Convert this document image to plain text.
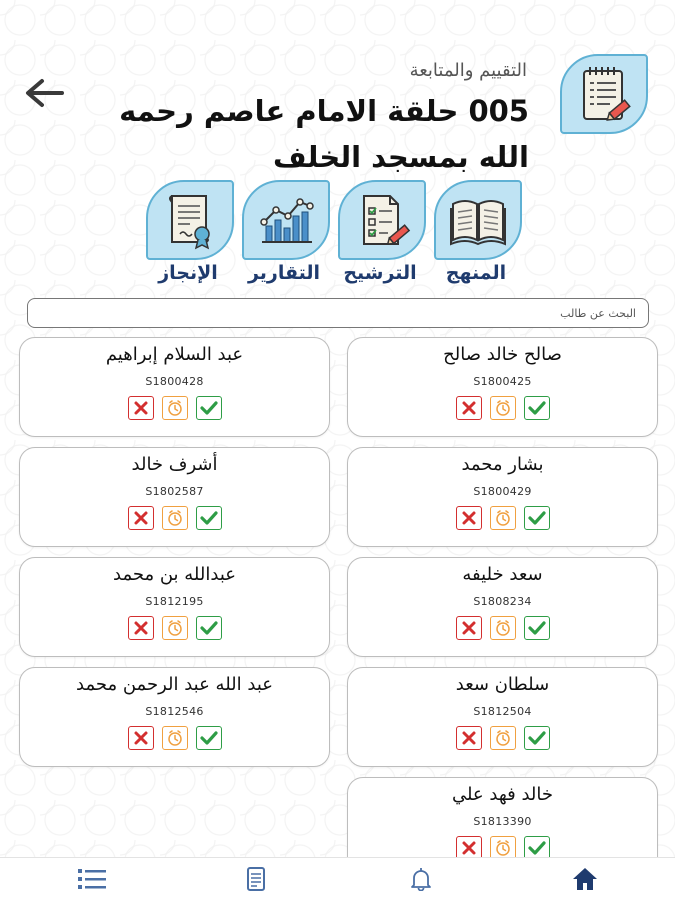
التقييم والمتابعة
005 حلقة الامام عاصم رحمه الله بمسجد الخلف
المنهج
الترشيح
التقارير
الإنجاز
البحث عن طالب
صالح خالد صالح
S1800425
عبد السلام إبراهيم
S1800428
بشار محمد
S1800429
أشرف خالد
S1802587
سعد خليفه
S1808234
عبدالله بن محمد
S1812195
سلطان سعد
S1812504
عبد الله عبد الرحمن محمد
S1812546
خالد فهد علي
S1813390
